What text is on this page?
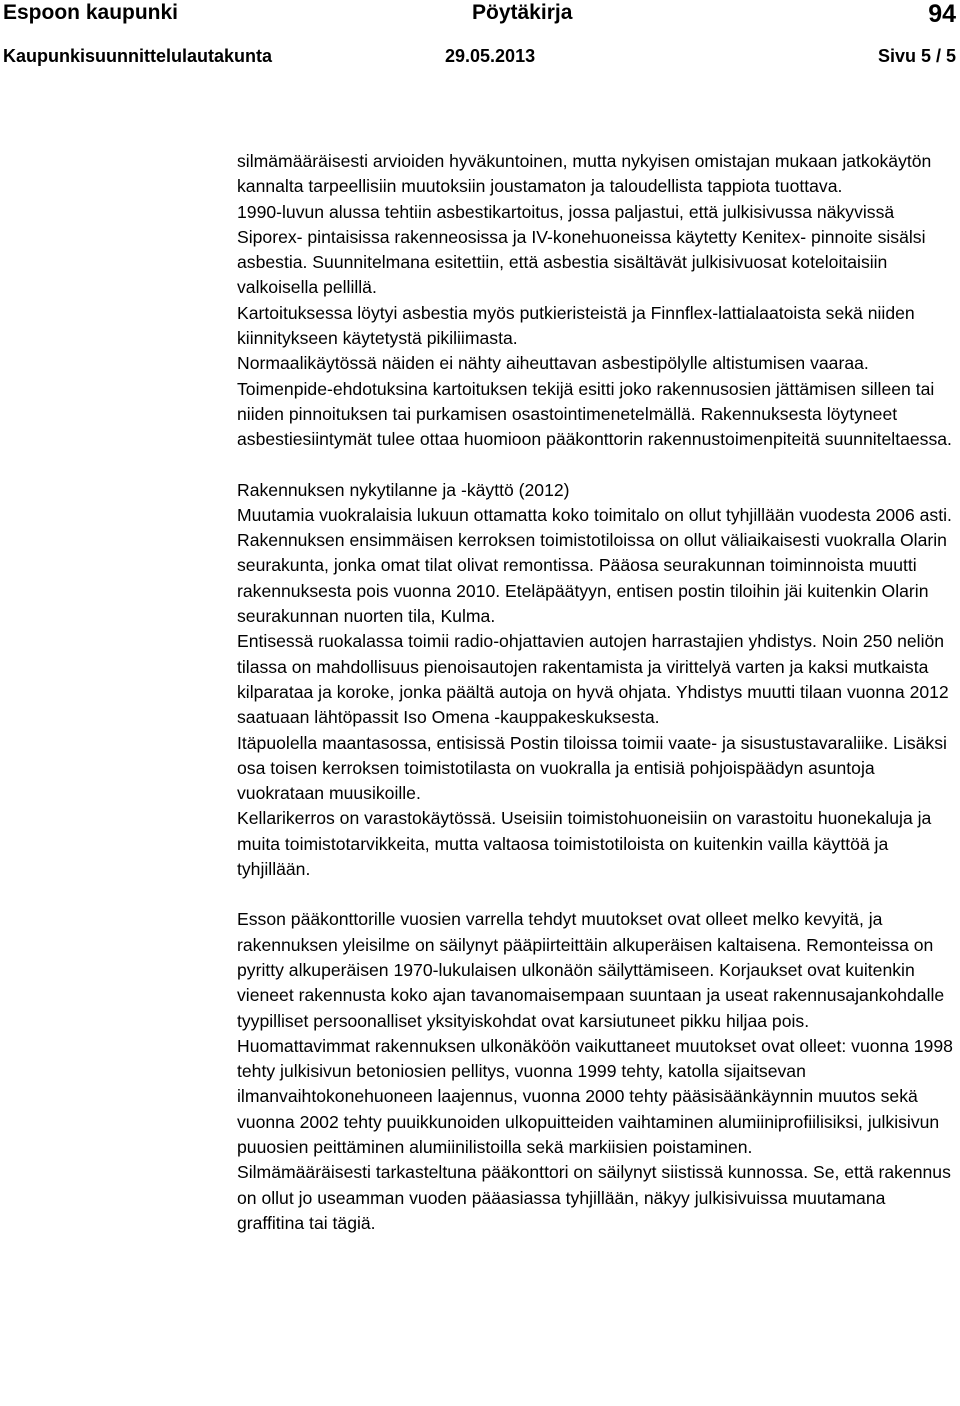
Espoon kaupunki	Pöytäkirja	94
Kaupunkisuunnittelulautakunta	29.05.2013	Sivu 5 / 5

silmämääräisesti arvioiden hyväkuntoinen, mutta nykyisen omistajan mukaan jatkokäytön kannalta tarpeellisiin muutoksiin joustamaton ja taloudellista tappiota tuottava.

1990-luvun alussa tehtiin asbestikartoitus, jossa paljastui, että julkisivussa näkyvissä Siporex- pintaisissa rakenneosissa ja IV-konehuoneissa käytetty Kenitex- pinnoite sisälsi asbestia. Suunnitelmana esitettiin, että asbestia sisältävät julkisivuosat koteloitaisiin valkoisella pellillä.

Kartoituksessa löytyi asbestia myös putkieristeistä ja Finnflex-lattialaatoista sekä niiden kiinnitykseen käytetystä pikiliimasta.

Normaalikäytössä näiden ei nähty aiheuttavan asbestipölylle altistumisen vaaraa. Toimenpide-ehdotuksina kartoituksen tekijä esitti joko rakennusosien jättämisen silleen tai niiden pinnoituksen tai purkamisen osastointimenetelmällä. Rakennuksesta löytyneet asbestiesiintymät tulee ottaa huomioon pääkonttorin rakennustoimenpiteitä suunniteltaessa.

Rakennuksen nykytilanne ja -käyttö (2012)

Muutamia vuokralaisia lukuun ottamatta koko toimitalo on ollut tyhjillään vuodesta 2006 asti.

Rakennuksen ensimmäisen kerroksen toimistotiloissa on ollut väliaikaisesti vuokralla Olarin seurakunta, jonka omat tilat olivat remontissa. Pääosa seurakunnan toiminnoista muutti rakennuksesta pois vuonna 2010. Eteläpäätyyn, entisen postin tiloihin jäi kuitenkin Olarin seurakunnan nuorten tila, Kulma.

Entisessä ruokalassa toimii radio-ohjattavien autojen harrastajien yhdistys. Noin 250 neliön tilassa on mahdollisuus pienoisautojen rakentamista ja virittelyä varten ja kaksi mutkaista kilparataa ja koroke, jonka päältä autoja on hyvä ohjata. Yhdistys muutti tilaan vuonna 2012 saatuaan lähtöpassit Iso Omena -kauppakeskuksesta.

Itäpuolella maantasossa, entisissä Postin tiloissa toimii vaate- ja sisustustavaraliike. Lisäksi osa toisen kerroksen toimistotilasta on vuokralla ja entisiä pohjoispäädyn asuntoja vuokrataan muusikoille.

Kellarikerros on varastokäytössä. Useisiin toimistohuoneisiin on varastoitu huonekaluja ja muita toimistotarvikkeita, mutta valtaosa toimistotiloista on kuitenkin vailla käyttöä ja tyhjillään.

Esson pääkonttorille vuosien varrella tehdyt muutokset ovat olleet melko kevyitä, ja rakennuksen yleisilme on säilynyt pääpiirteittäin alkuperäisen kaltaisena. Remonteissa on pyritty alkuperäisen 1970-lukulaisen ulkonäön säilyttämiseen. Korjaukset ovat kuitenkin vieneet rakennusta koko ajan tavanomaisempaan suuntaan ja useat rakennusajankohdalle tyypilliset persoonalliset yksityiskohdat ovat karsiutuneet pikku hiljaa pois.

Huomattavimmat rakennuksen ulkonäköön vaikuttaneet muutokset ovat olleet: vuonna 1998 tehty julkisivun betoniosien pellitys, vuonna 1999 tehty, katolla sijaitsevan ilmanvaihtokonehuoneen laajennus, vuonna 2000 tehty pääsisäänkäynnin muutos sekä vuonna 2002 tehty puuikkunoiden ulkopuitteiden vaihtaminen alumiiniprofiilisiksi, julkisivun puuosien peittäminen alumiinilistoilla sekä markiisien poistaminen.

Silmämääräisesti tarkasteltuna pääkonttori on säilynyt siistissä kunnossa. Se, että rakennus on ollut jo useamman vuoden pääasiassa tyhjillään, näkyy julkisivuissa muutamana graffitina tai tägiä.
